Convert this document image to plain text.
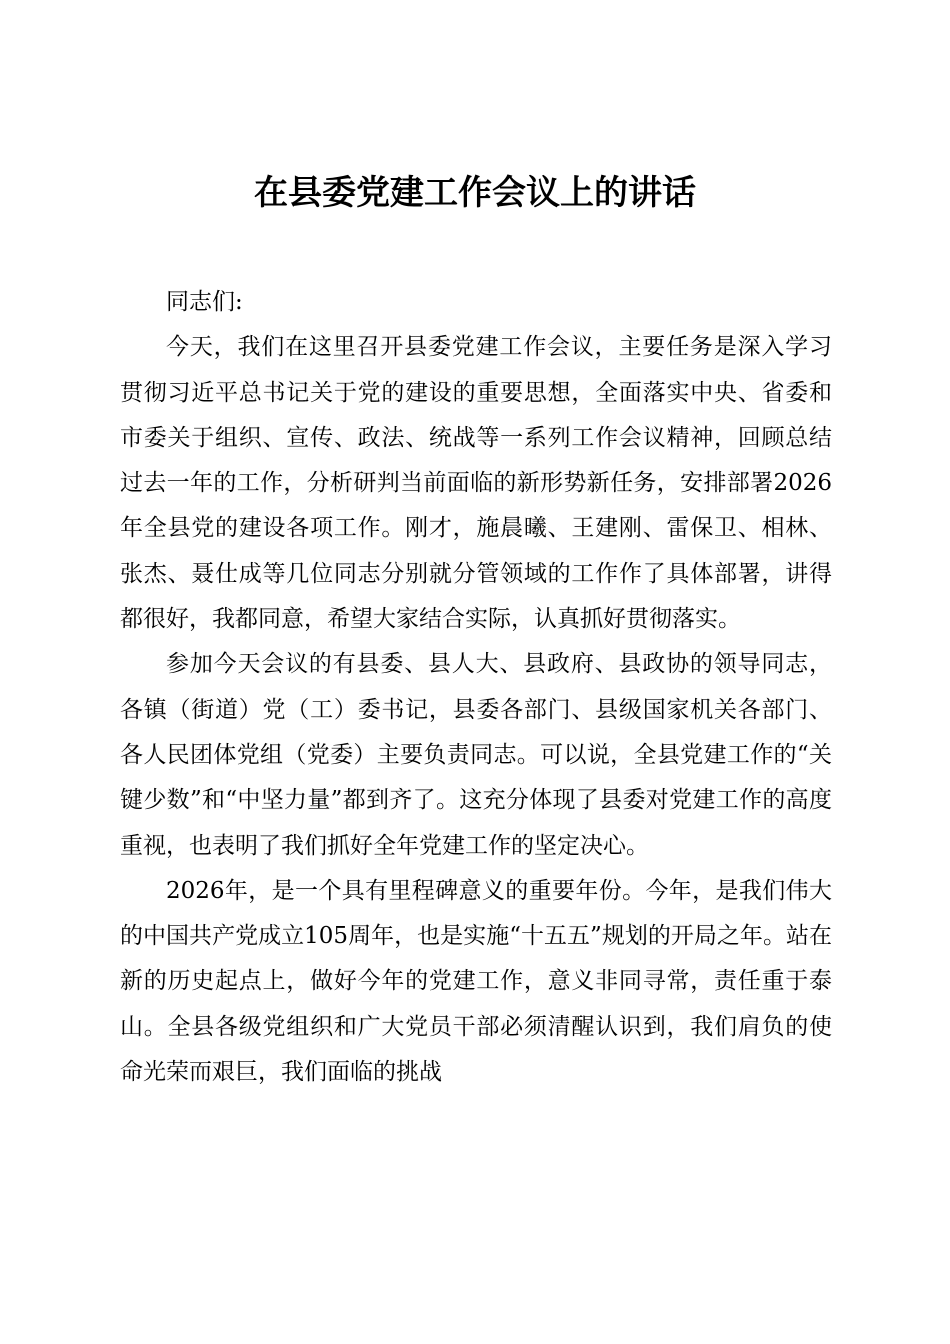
在县委党建工作会议上的讲话

同志们:

今天，我们在这里召开县委党建工作会议，主要任务是深入学习贯彻习近平总书记关于党的建设的重要思想，全面落实中央、省委和市委关于组织、宣传、政法、统战等一系列工作会议精神，回顾总结过去一年的工作，分析研判当前面临的新形势新任务，安排部署2026年全县党的建设各项工作。刚才，施晨曦、王建刚、雷保卫、相林、张杰、聂仕成等几位同志分别就分管领域的工作作了具体部署，讲得都很好，我都同意，希望大家结合实际，认真抓好贯彻落实。

参加今天会议的有县委、县人大、县政府、县政协的领导同志，各镇（街道）党（工）委书记，县委各部门、县级国家机关各部门、各人民团体党组（党委）主要负责同志。可以说，全县党建工作的“关键少数”和“中坚力量”都到齐了。这充分体现了县委对党建工作的高度重视，也表明了我们抓好全年党建工作的坚定决心。

2026年，是一个具有里程碑意义的重要年份。今年，是我们伟大的中国共产党成立105周年，也是实施“十五五”规划的开局之年。站在新的历史起点上，做好今年的党建工作，意义非同寻常，责任重于泰山。全县各级党组织和广大党员干部必须清醒认识到，我们肩负的使命光荣而艰巨，我们面临的挑战
